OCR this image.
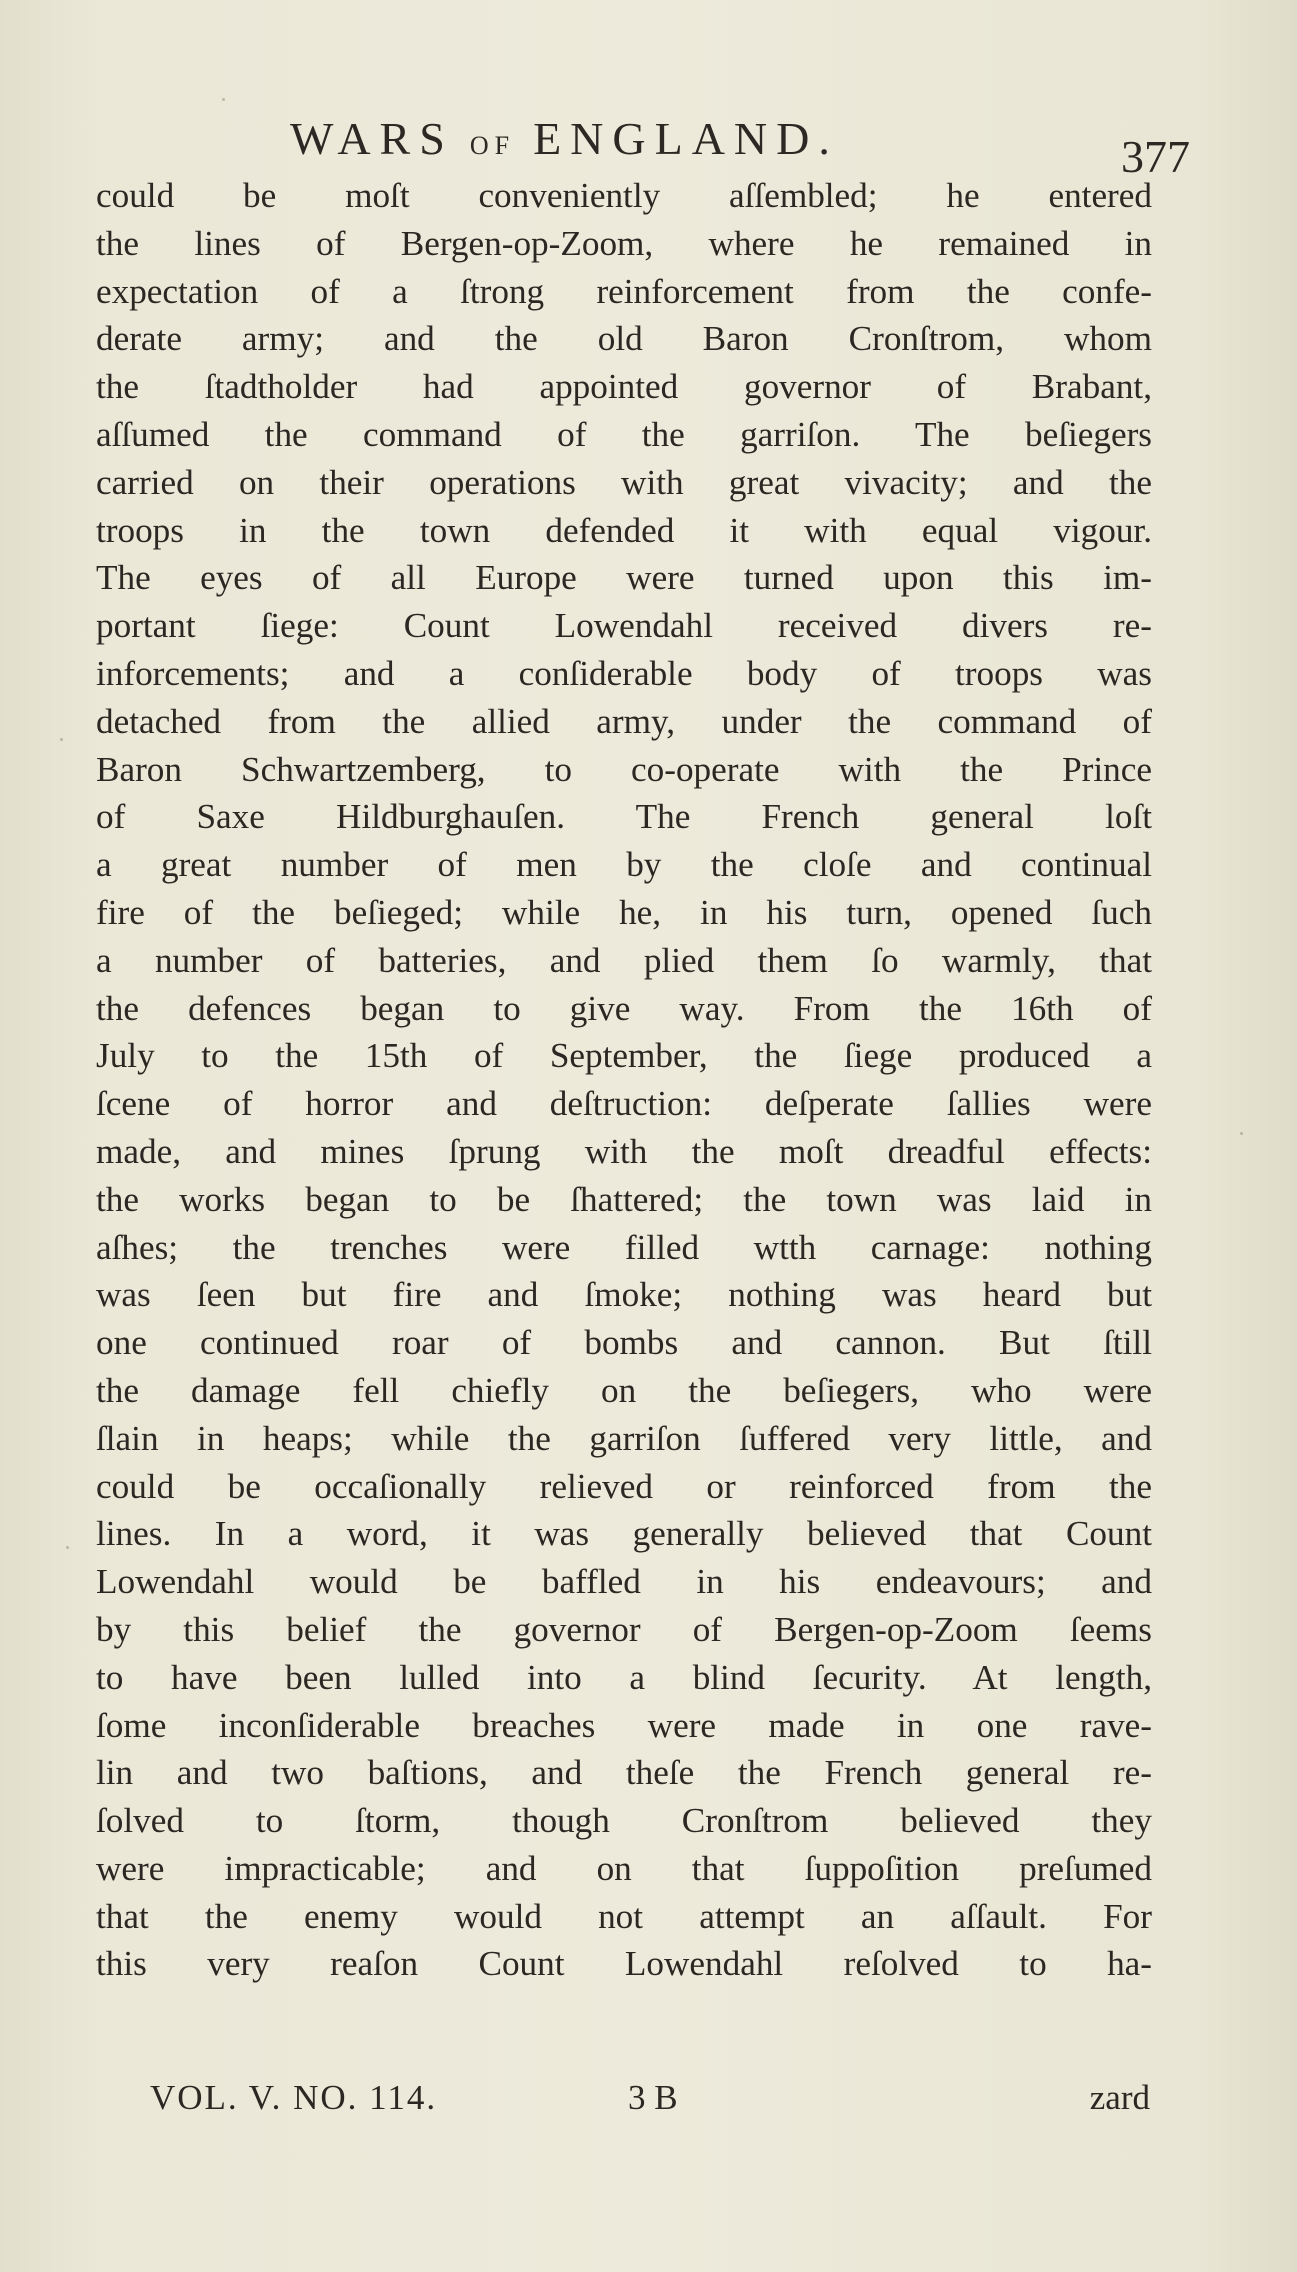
WARS OF ENGLAND.	377
could be moſt conveniently aſſembled; he entered
the lines of Bergen-op-Zoom, where he remained in
expectation of a ſtrong reinforcement from the confe-
derate army; and the old Baron Cronſtrom, whom
the ſtadtholder had appointed governor of Brabant,
aſſumed the command of the garriſon. The beſiegers
carried on their operations with great vivacity; and the
troops in the town defended it with equal vigour.
The eyes of all Europe were turned upon this im-
portant ſiege: Count Lowendahl received divers re-
inforcements; and a conſiderable body of troops was
detached from the allied army, under the command of
Baron Schwartzemberg, to co-operate with the Prince
of Saxe Hildburghauſen. The French general loſt
a great number of men by the cloſe and continual
fire of the beſieged; while he, in his turn, opened ſuch
a number of batteries, and plied them ſo warmly, that
the defences began to give way. From the 16th of
July to the 15th of September, the ſiege produced a
ſcene of horror and deſtruction: deſperate ſallies were
made, and mines ſprung with the moſt dreadful effects:
the works began to be ſhattered; the town was laid in
aſhes; the trenches were filled wtth carnage: nothing
was ſeen but fire and ſmoke; nothing was heard but
one continued roar of bombs and cannon. But ſtill
the damage fell chiefly on the beſiegers, who were
ſlain in heaps; while the garriſon ſuffered very little, and
could be occaſionally relieved or reinforced from the
lines. In a word, it was generally believed that Count
Lowendahl would be baffled in his endeavours; and
by this belief the governor of Bergen-op-Zoom ſeems
to have been lulled into a blind ſecurity. At length,
ſome inconſiderable breaches were made in one rave-
lin and two baſtions, and theſe the French general re-
ſolved to ſtorm, though Cronſtrom believed they
were impracticable; and on that ſuppoſition preſumed
that the enemy would not attempt an aſſault. For
this very reaſon Count Lowendahl reſolved to ha-
VOL. V. NO. 114.	3 B	zard
